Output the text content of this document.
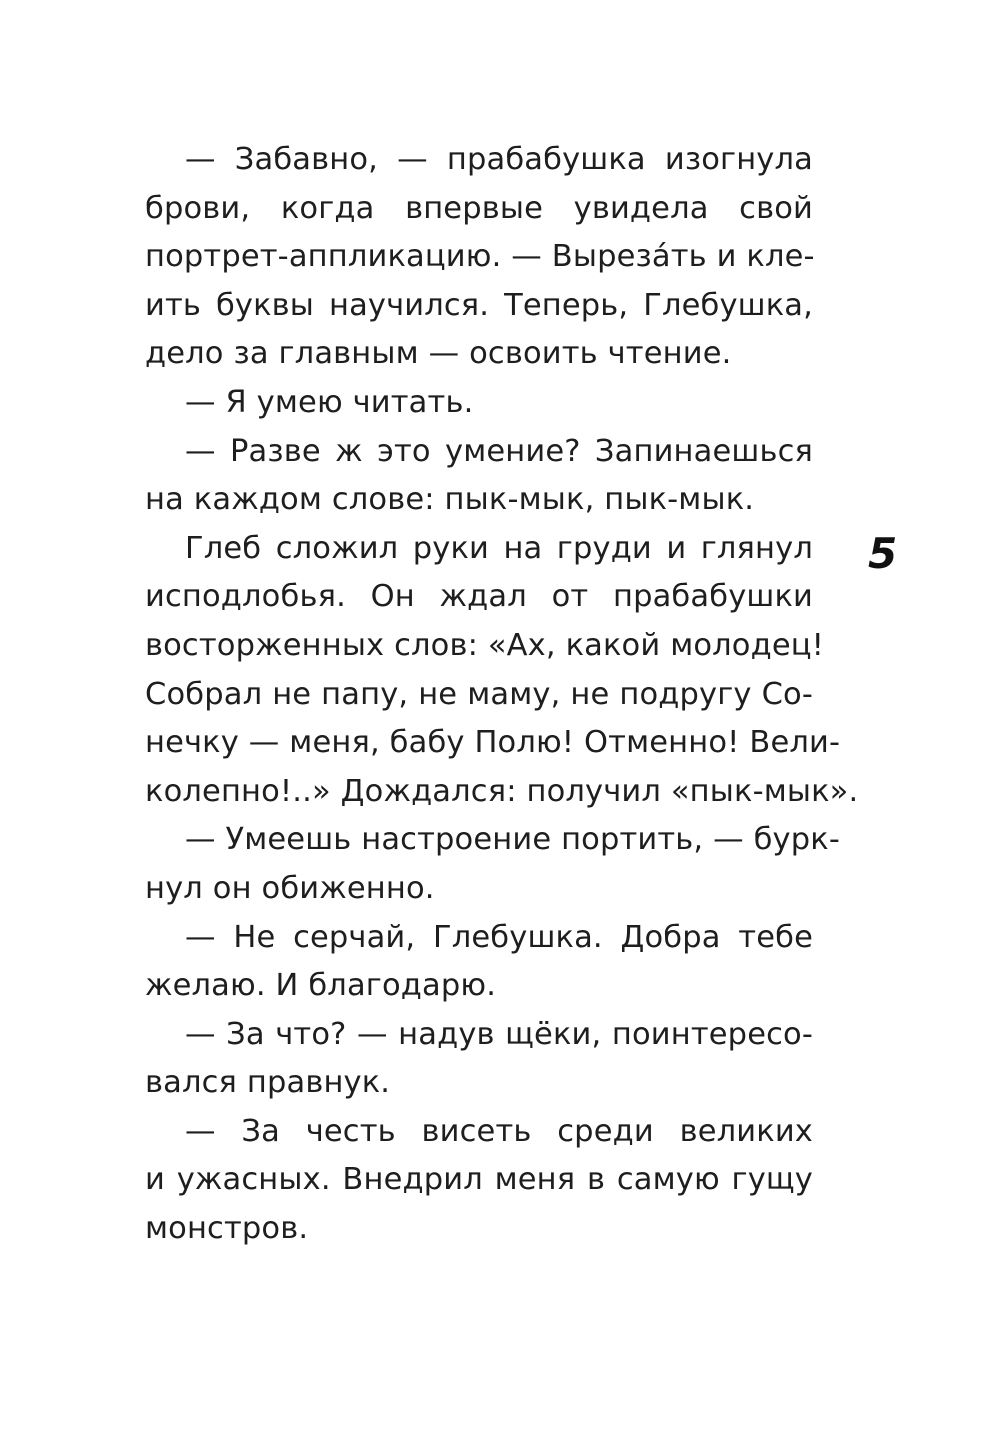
— Забавно, — прабабушка изогнула
брови, когда впервые увидела свой
портрет-аппликацию. — Выреза́ть и кле-
ить буквы научился. Теперь, Глебушка,
дело за главным — освоить чтение.
— Я умею читать.
— Разве ж это умение? Запинаешься
на каждом слове: пык-мык, пык-мык.
Глеб сложил руки на груди и глянул
исподлобья. Он ждал от прабабушки
восторженных слов: «Ах, какой молодец!
Собрал не папу, не маму, не подругу Со-
нечку — меня, бабу Полю! Отменно! Вели-
колепно!..» Дождался: получил «пык-мык».
— Умеешь настроение портить, — бурк-
нул он обиженно.
— Не серчай, Глебушка. Добра тебе
желаю. И благодарю.
— За что? — надув щёки, поинтересо-
вался правнук.
— За честь висеть среди великих
и ужасных. Внедрил меня в самую гущу
монстров.
5
